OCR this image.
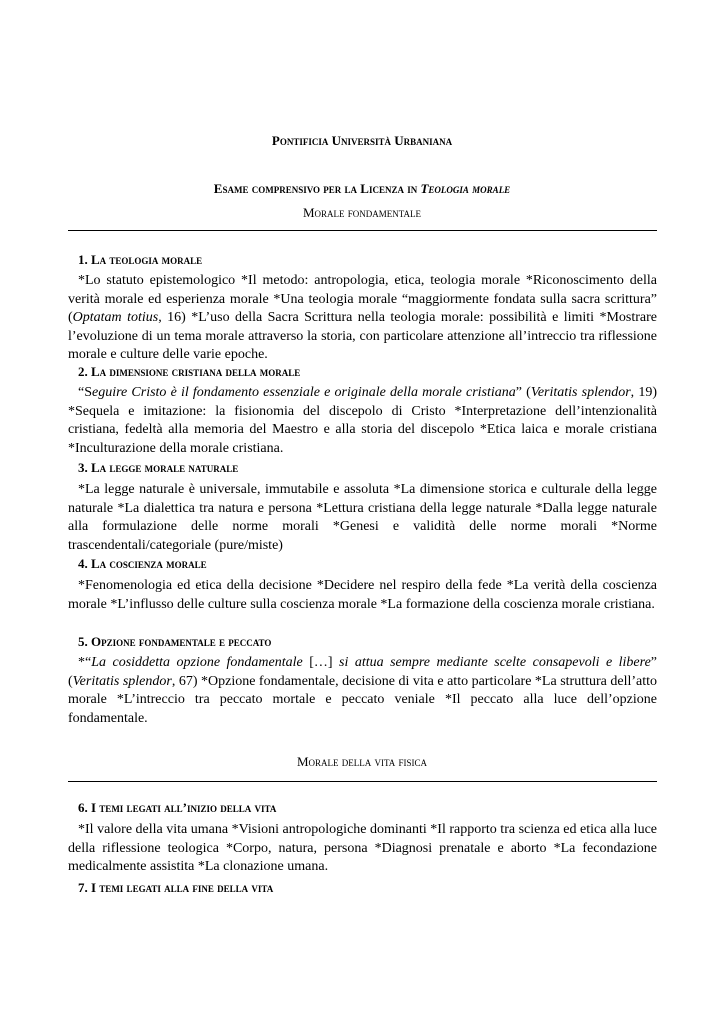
Pontificia Università Urbaniana
Esame comprensivo per la Licenza in Teologia morale
Morale fondamentale
1. La teologia morale

*Lo statuto epistemologico *Il metodo: antropologia, etica, teologia morale *Riconoscimento della verità morale ed esperienza morale *Una teologia morale “maggiormente fondata sulla sacra scrittura” (Optatam totius, 16) *L’uso della Sacra Scrittura nella teologia morale: possibilità e limiti *Mostrare l’evoluzione di un tema morale attraverso la storia, con particolare attenzione all’intreccio tra riflessione morale e culture delle varie epoche.

2. La dimensione cristiana della morale

“Seguire Cristo è il fondamento essenziale e originale della morale cristiana” (Veritatis splendor, 19) *Sequela e imitazione: la fisionomia del discepolo di Cristo *Interpretazione dell’intenzionalità cristiana, fedeltà alla memoria del Maestro e alla storia del discepolo *Etica laica e morale cristiana *Inculturazione della morale cristiana.

3. La legge morale naturale

*La legge naturale è universale, immutabile e assoluta *La dimensione storica e culturale della legge naturale *La dialettica tra natura e persona *Lettura cristiana della legge naturale *Dalla legge naturale alla formulazione delle norme morali *Genesi e validità delle norme morali *Norme trascendentali/categoriale (pure/miste)

4. La coscienza morale

*Fenomenologia ed etica della decisione *Decidere nel respiro della fede *La verità della coscienza morale *L’influsso delle culture sulla coscienza morale *La formazione della coscienza morale cristiana.

5. Opzione fondamentale e peccato

*“La cosiddetta opzione fondamentale […] si attua sempre mediante scelte consapevoli e libere” (Veritatis splendor, 67) *Opzione fondamentale, decisione di vita e atto particolare *La struttura dell’atto morale *L’intreccio tra peccato mortale e peccato veniale *Il peccato alla luce dell’opzione fondamentale.

Morale della vita fisica
6. I temi legati all’inizio della vita

*Il valore della vita umana *Visioni antropologiche dominanti *Il rapporto tra scienza ed etica alla luce della riflessione teologica *Corpo, natura, persona *Diagnosi prenatale e aborto *La fecondazione medicalmente assistita *La clonazione umana.

7. I temi legati alla fine della vita
